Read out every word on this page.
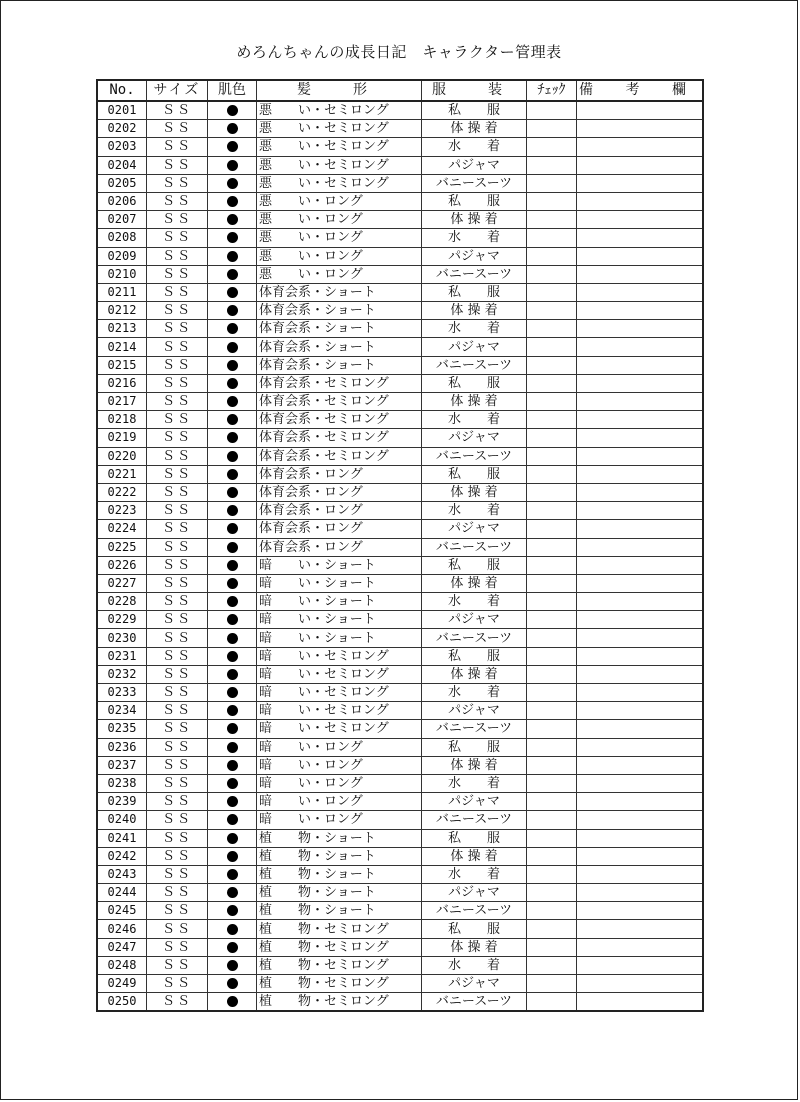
めろんちゃんの成長日記　キャラクター管理表
No.	サイズ	肌色	髪　形	服　装	ﾁｪｯｸ	備 考 欄
0201	ＳＳ		悪　　い・セミロング	私　　服		
0202	ＳＳ		悪　　い・セミロング	体 操 着		
0203	ＳＳ		悪　　い・セミロング	水　　着		
0204	ＳＳ		悪　　い・セミロング	パジャマ		
0205	ＳＳ		悪　　い・セミロング	バニースーツ		
0206	ＳＳ		悪　　い・ロング	私　　服		
0207	ＳＳ		悪　　い・ロング	体 操 着		
0208	ＳＳ		悪　　い・ロング	水　　着		
0209	ＳＳ		悪　　い・ロング	パジャマ		
0210	ＳＳ		悪　　い・ロング	バニースーツ		
0211	ＳＳ		体育会系・ショート	私　　服		
0212	ＳＳ		体育会系・ショート	体 操 着		
0213	ＳＳ		体育会系・ショート	水　　着		
0214	ＳＳ		体育会系・ショート	パジャマ		
0215	ＳＳ		体育会系・ショート	バニースーツ		
0216	ＳＳ		体育会系・セミロング	私　　服		
0217	ＳＳ		体育会系・セミロング	体 操 着		
0218	ＳＳ		体育会系・セミロング	水　　着		
0219	ＳＳ		体育会系・セミロング	パジャマ		
0220	ＳＳ		体育会系・セミロング	バニースーツ		
0221	ＳＳ		体育会系・ロング	私　　服		
0222	ＳＳ		体育会系・ロング	体 操 着		
0223	ＳＳ		体育会系・ロング	水　　着		
0224	ＳＳ		体育会系・ロング	パジャマ		
0225	ＳＳ		体育会系・ロング	バニースーツ		
0226	ＳＳ		暗　　い・ショート	私　　服		
0227	ＳＳ		暗　　い・ショート	体 操 着		
0228	ＳＳ		暗　　い・ショート	水　　着		
0229	ＳＳ		暗　　い・ショート	パジャマ		
0230	ＳＳ		暗　　い・ショート	バニースーツ		
0231	ＳＳ		暗　　い・セミロング	私　　服		
0232	ＳＳ		暗　　い・セミロング	体 操 着		
0233	ＳＳ		暗　　い・セミロング	水　　着		
0234	ＳＳ		暗　　い・セミロング	パジャマ		
0235	ＳＳ		暗　　い・セミロング	バニースーツ		
0236	ＳＳ		暗　　い・ロング	私　　服		
0237	ＳＳ		暗　　い・ロング	体 操 着		
0238	ＳＳ		暗　　い・ロング	水　　着		
0239	ＳＳ		暗　　い・ロング	パジャマ		
0240	ＳＳ		暗　　い・ロング	バニースーツ		
0241	ＳＳ		植　　物・ショート	私　　服		
0242	ＳＳ		植　　物・ショート	体 操 着		
0243	ＳＳ		植　　物・ショート	水　　着		
0244	ＳＳ		植　　物・ショート	パジャマ		
0245	ＳＳ		植　　物・ショート	バニースーツ		
0246	ＳＳ		植　　物・セミロング	私　　服		
0247	ＳＳ		植　　物・セミロング	体 操 着		
0248	ＳＳ		植　　物・セミロング	水　　着		
0249	ＳＳ		植　　物・セミロング	パジャマ		
0250	ＳＳ		植　　物・セミロング	バニースーツ		
